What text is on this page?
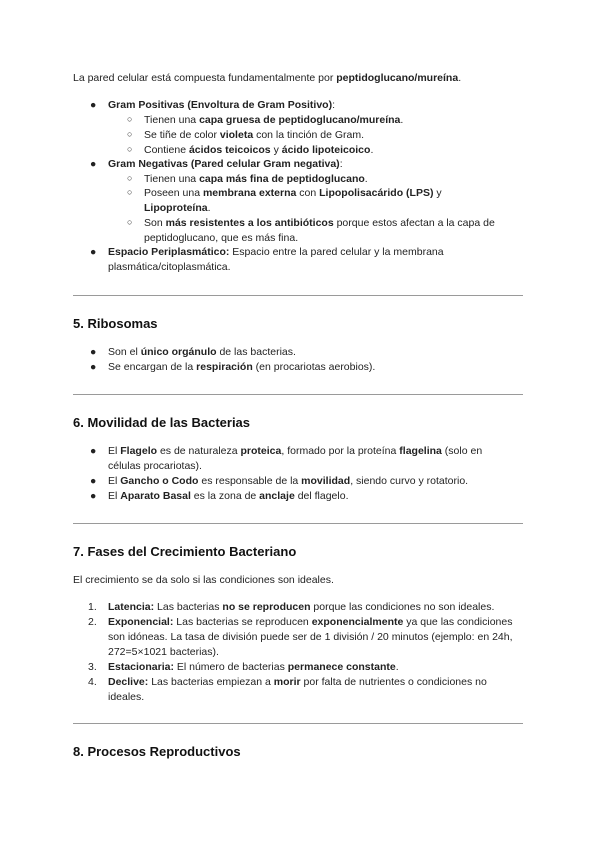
La pared celular está compuesta fundamentalmente por peptidoglucano/mureína.

●	Gram Positivas (Envoltura de Gram Positivo):
○ Tienen una capa gruesa de peptidoglucano/mureína.
○ Se tiñe de color violeta con la tinción de Gram.
○ Contiene ácidos teicoicos y ácido lipoteicoico.
●	Gram Negativas (Pared celular Gram negativa):
○ Tienen una capa más fina de peptidoglucano.
○ Poseen una membrana externa con Lipopolisacárido (LPS) y Lipoproteína.
○ Son más resistentes a los antibióticos porque estos afectan a la capa de peptidoglucano, que es más fina.
●	Espacio Periplasmático: Espacio entre la pared celular y la membrana plasmática/citoplasmática.
5. Ribosomas
●	Son el único orgánulo de las bacterias.
●	Se encargan de la respiración (en procariotas aerobios).
6. Movilidad de las Bacterias
●	El Flagelo es de naturaleza proteica, formado por la proteína flagelina (solo en células procariotas).
●	El Gancho o Codo es responsable de la movilidad, siendo curvo y rotatorio.
●	El Aparato Basal es la zona de anclaje del flagelo.
7. Fases del Crecimiento Bacteriano

El crecimiento se da solo si las condiciones son ideales.

1. Latencia: Las bacterias no se reproducen porque las condiciones no son ideales.
2. Exponencial: Las bacterias se reproducen exponencialmente ya que las condiciones son idóneas. La tasa de división puede ser de 1 división / 20 minutos (ejemplo: en 24h, 272=5×1021 bacterias).
3. Estacionaria: El número de bacterias permanece constante.
4. Declive: Las bacterias empiezan a morir por falta de nutrientes o condiciones no ideales.
8. Procesos Reproductivos
